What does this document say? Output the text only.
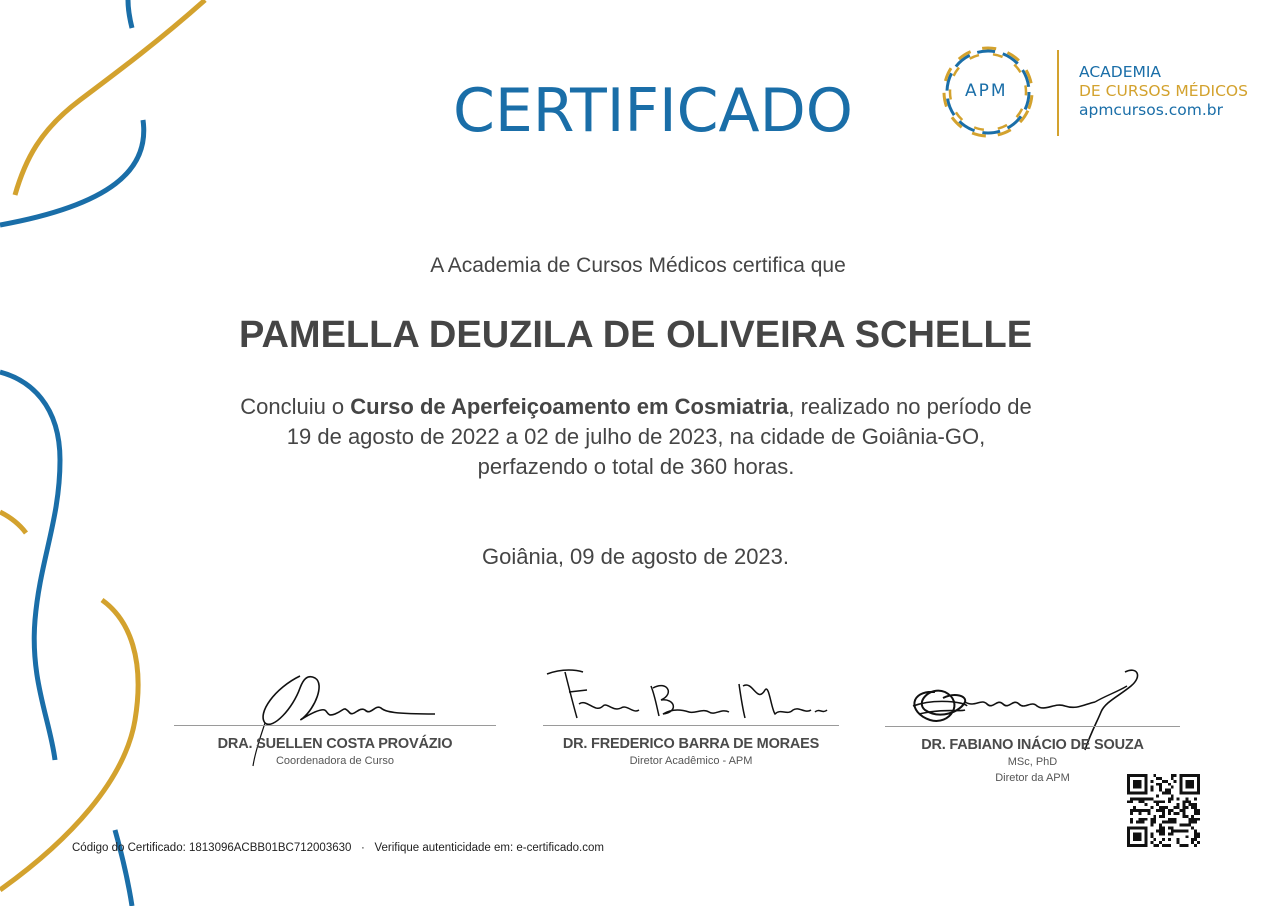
CERTIFICADO	APM
ACADEMIA
DE CURSOS MÉDICOS
apmcursos.com.br
A Academia de Cursos Médicos certifica que
PAMELLA DEUZILA DE OLIVEIRA SCHELLE
Concluiu o Curso de Aperfeiçoamento em Cosmiatria, realizado no período de 19 de agosto de 2022 a 02 de julho de 2023, na cidade de Goiânia-GO, perfazendo o total de 360 horas.
Goiânia, 09 de agosto de 2023.
DRA. SUELLEN COSTA PROVÁZIO
Coordenadora de Curso
DR. FREDERICO BARRA DE MORAES
Diretor Acadêmico - APM
DR. FABIANO INÁCIO DE SOUZA
MSc, PhD
Diretor da APM
Código do Certificado: 1813096ACBB01BC712003630 · Verifique autenticidade em: e-certificado.com
